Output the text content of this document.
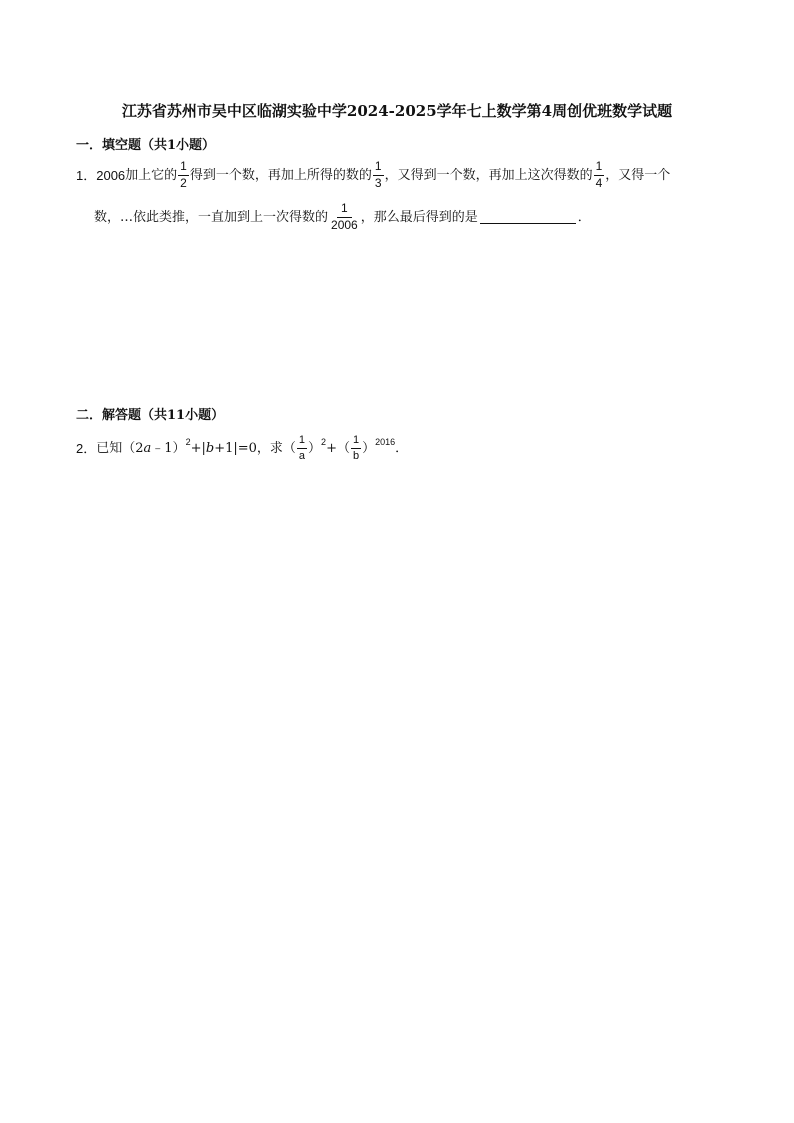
江苏省苏州市吴中区临湖实验中学2024-2025学年七上数学第4周创优班数学试题
一．填空题（共1小题）
1． 2006 加上它的 $\frac{1}{2}$ 得到一个数，再加上所得的数的 $\frac{1}{3}$ ，又得到一个数，再加上这次得数的 $\frac{1}{4}$ ，又得一个
数，…依此类推，一直加到上一次得数的 $\frac{1}{2006}$ ，那么最后得到的是	．
二．解答题（共11小题）
2． 已知（2 a ﹣1） 2 +| b +1|=0，求（ $\frac{1}{a}$ ） 2 +（ $\frac{1}{b}$ ） 2016 ．
